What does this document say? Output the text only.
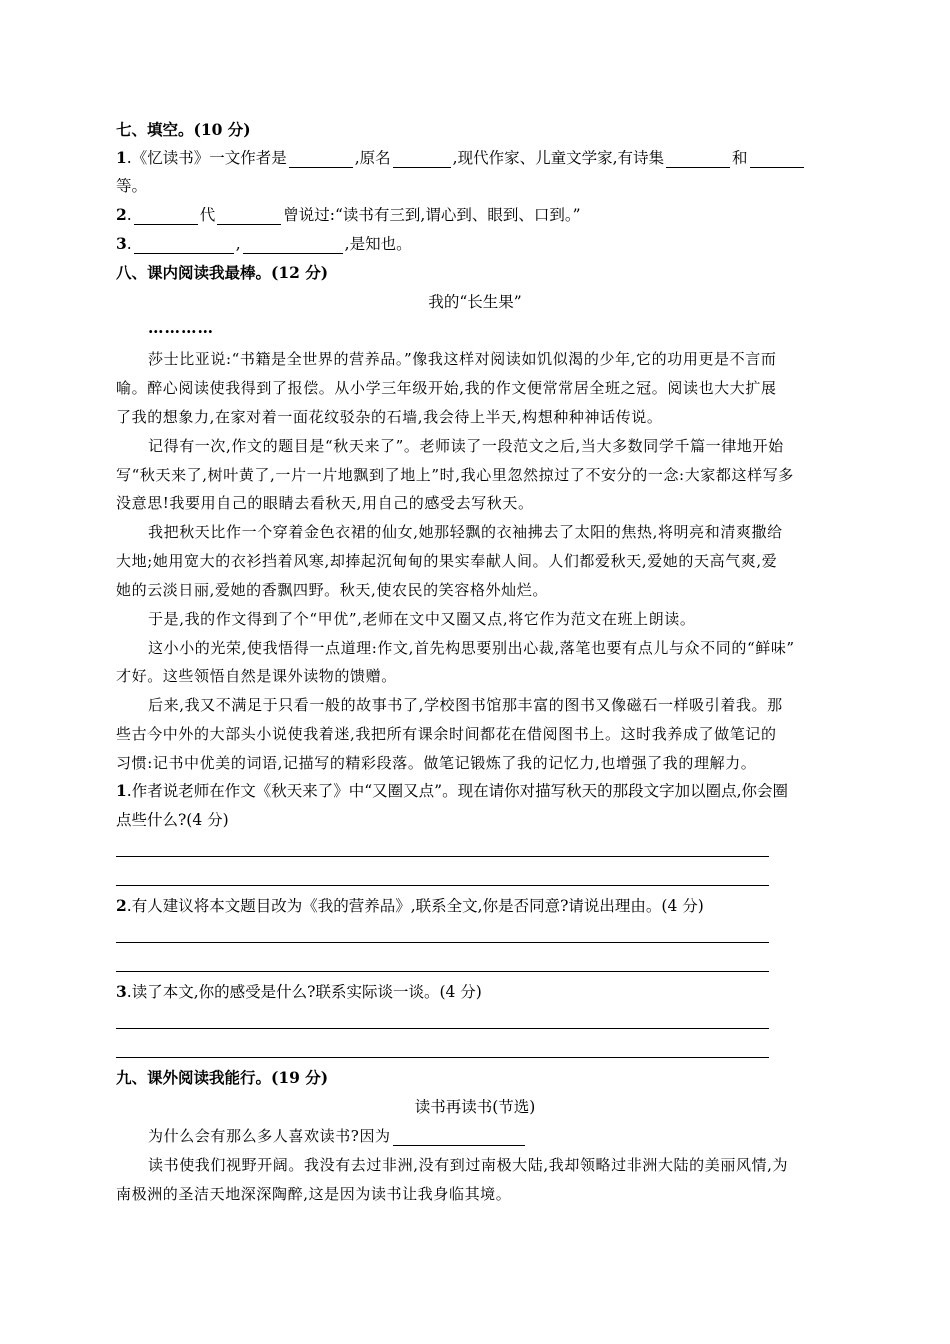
七、填空。(10 分)
1.《忆读书》一文作者是	,原名	,现代作家、儿童文学家,有诗集	和
等。
2.	代	曾说过:“读书有三到,谓心到、眼到、口到。”
3.	,	,是知也。
八、课内阅读我最棒。(12 分)
我的“长生果”
…………
莎士比亚说:“书籍是全世界的营养品。”像我这样对阅读如饥似渴的少年,它的功用更是不言而
喻。醉心阅读使我得到了报偿。从小学三年级开始,我的作文便常常居全班之冠。阅读也大大扩展
了我的想象力,在家对着一面花纹驳杂的石墙,我会待上半天,构想种种神话传说。
记得有一次,作文的题目是“秋天来了”。老师读了一段范文之后,当大多数同学千篇一律地开始
写“秋天来了,树叶黄了,一片一片地飘到了地上”时,我心里忽然掠过了不安分的一念:大家都这样写多
没意思!我要用自己的眼睛去看秋天,用自己的感受去写秋天。
我把秋天比作一个穿着金色衣裙的仙女,她那轻飘的衣袖拂去了太阳的焦热,将明亮和清爽撒给
大地;她用宽大的衣衫挡着风寒,却捧起沉甸甸的果实奉献人间。人们都爱秋天,爱她的天高气爽,爱
她的云淡日丽,爱她的香飘四野。秋天,使农民的笑容格外灿烂。
于是,我的作文得到了个“甲优”,老师在文中又圈又点,将它作为范文在班上朗读。
这小小的光荣,使我悟得一点道理:作文,首先构思要别出心裁,落笔也要有点儿与众不同的“鲜味”
才好。这些领悟自然是课外读物的馈赠。
后来,我又不满足于只看一般的故事书了,学校图书馆那丰富的图书又像磁石一样吸引着我。那
些古今中外的大部头小说使我着迷,我把所有课余时间都花在借阅图书上。这时我养成了做笔记的
习惯:记书中优美的词语,记描写的精彩段落。做笔记锻炼了我的记忆力,也增强了我的理解力。
1.作者说老师在作文《秋天来了》中“又圈又点”。现在请你对描写秋天的那段文字加以圈点,你会圈
点些什么?(4 分)
2.有人建议将本文题目改为《我的营养品》,联系全文,你是否同意?请说出理由。(4 分)
3.读了本文,你的感受是什么?联系实际谈一谈。(4 分)
九、课外阅读我能行。(19 分)
读书再读书(节选)
为什么会有那么多人喜欢读书?因为
读书使我们视野开阔。我没有去过非洲,没有到过南极大陆,我却领略过非洲大陆的美丽风情,为
南极洲的圣洁天地深深陶醉,这是因为读书让我身临其境。
